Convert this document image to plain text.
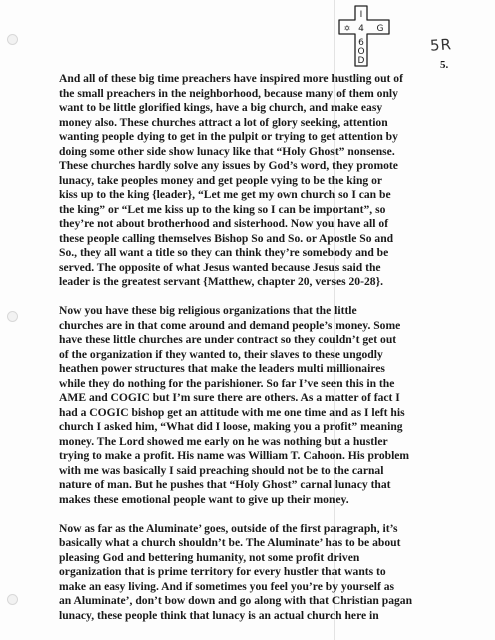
I
✡ 4 G
6
O
D
5R
5.

And all of these big time preachers have inspired more hustling out of
the small preachers in the neighborhood, because many of them only
want to be little glorified kings, have a big church, and make easy
money also. These churches attract a lot of glory seeking, attention
wanting people dying to get in the pulpit or trying to get attention by
doing some other side show lunacy like that “Holy Ghost” nonsense.
These churches hardly solve any issues by God’s word, they promote
lunacy, take peoples money and get people vying to be the king or
kiss up to the king {leader}, “Let me get my own church so I can be
the king” or “Let me kiss up to the king so I can be important”, so
they’re not about brotherhood and sisterhood. Now you have all of
these people calling themselves Bishop So and So. or Apostle So and
So., they all want a title so they can think they’re somebody and be
served. The opposite of what Jesus wanted because Jesus said the
leader is the greatest servant {Matthew, chapter 20, verses 20-28}.

Now you have these big religious organizations that the little
churches are in that come around and demand people’s money. Some
have these little churches are under contract so they couldn’t get out
of the organization if they wanted to, their slaves to these ungodly
heathen power structures that make the leaders multi millionaires
while they do nothing for the parishioner. So far I’ve seen this in the
AME and COGIC but I’m sure there are others. As a matter of fact I
had a COGIC bishop get an attitude with me one time and as I left his
church I asked him, “What did I loose, making you a profit” meaning
money. The Lord showed me early on he was nothing but a hustler
trying to make a profit. His name was William T. Cahoon. His problem
with me was basically I said preaching should not be to the carnal
nature of man. But he pushes that “Holy Ghost” carnal lunacy that
makes these emotional people want to give up their money.

Now as far as the Aluminate’ goes, outside of the first paragraph, it’s
basically what a church shouldn’t be. The Aluminate’ has to be about
pleasing God and bettering humanity, not some profit driven
organization that is prime territory for every hustler that wants to
make an easy living. And if sometimes you feel you’re by yourself as
an Aluminate’, don’t bow down and go along with that Christian pagan
lunacy, these people think that lunacy is an actual church here in
